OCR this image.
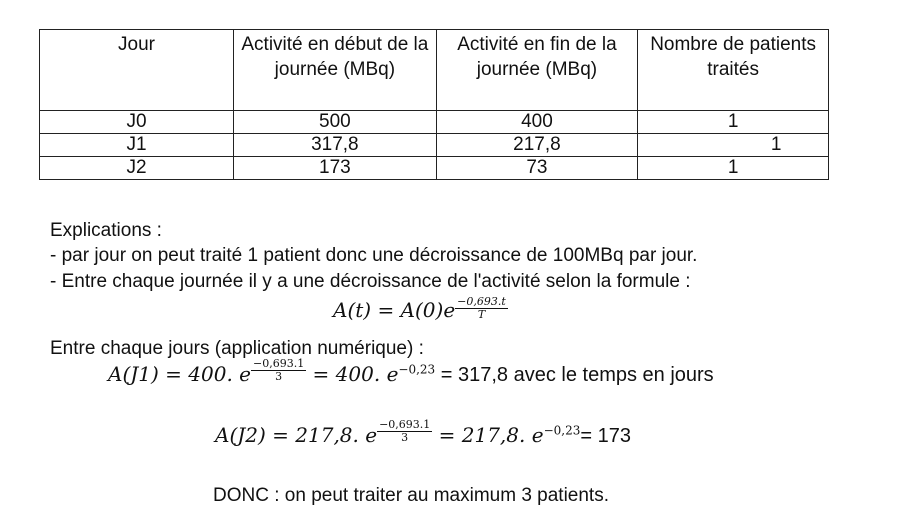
Jour	Activité en début de la journée (MBq)	Activité en fin de la journée (MBq)	Nombre de patients traités
J0	500	400	1
J1	317,8	217,8	1
J2	173	73	1
Explications :
- par jour on peut traité 1 patient donc une décroissance de 100MBq par jour.
- Entre chaque journée il y a une décroissance de l'activité selon la formule :
$A(t) = A(0)e \frac{-0,693.t}{T}$
Entre chaque jours (application numérique) :
A(J1) = 400. e $\frac{-0,693.1}{3} = 400$. $e^{-0,23} = 317,8$ avec le temps en jours
A(J2) = 217,8. e $\frac{-0,693.1}{3} = 217,8$. $e^{-0,23}= 173$
DONC : on peut traiter au maximum 3 patients.
